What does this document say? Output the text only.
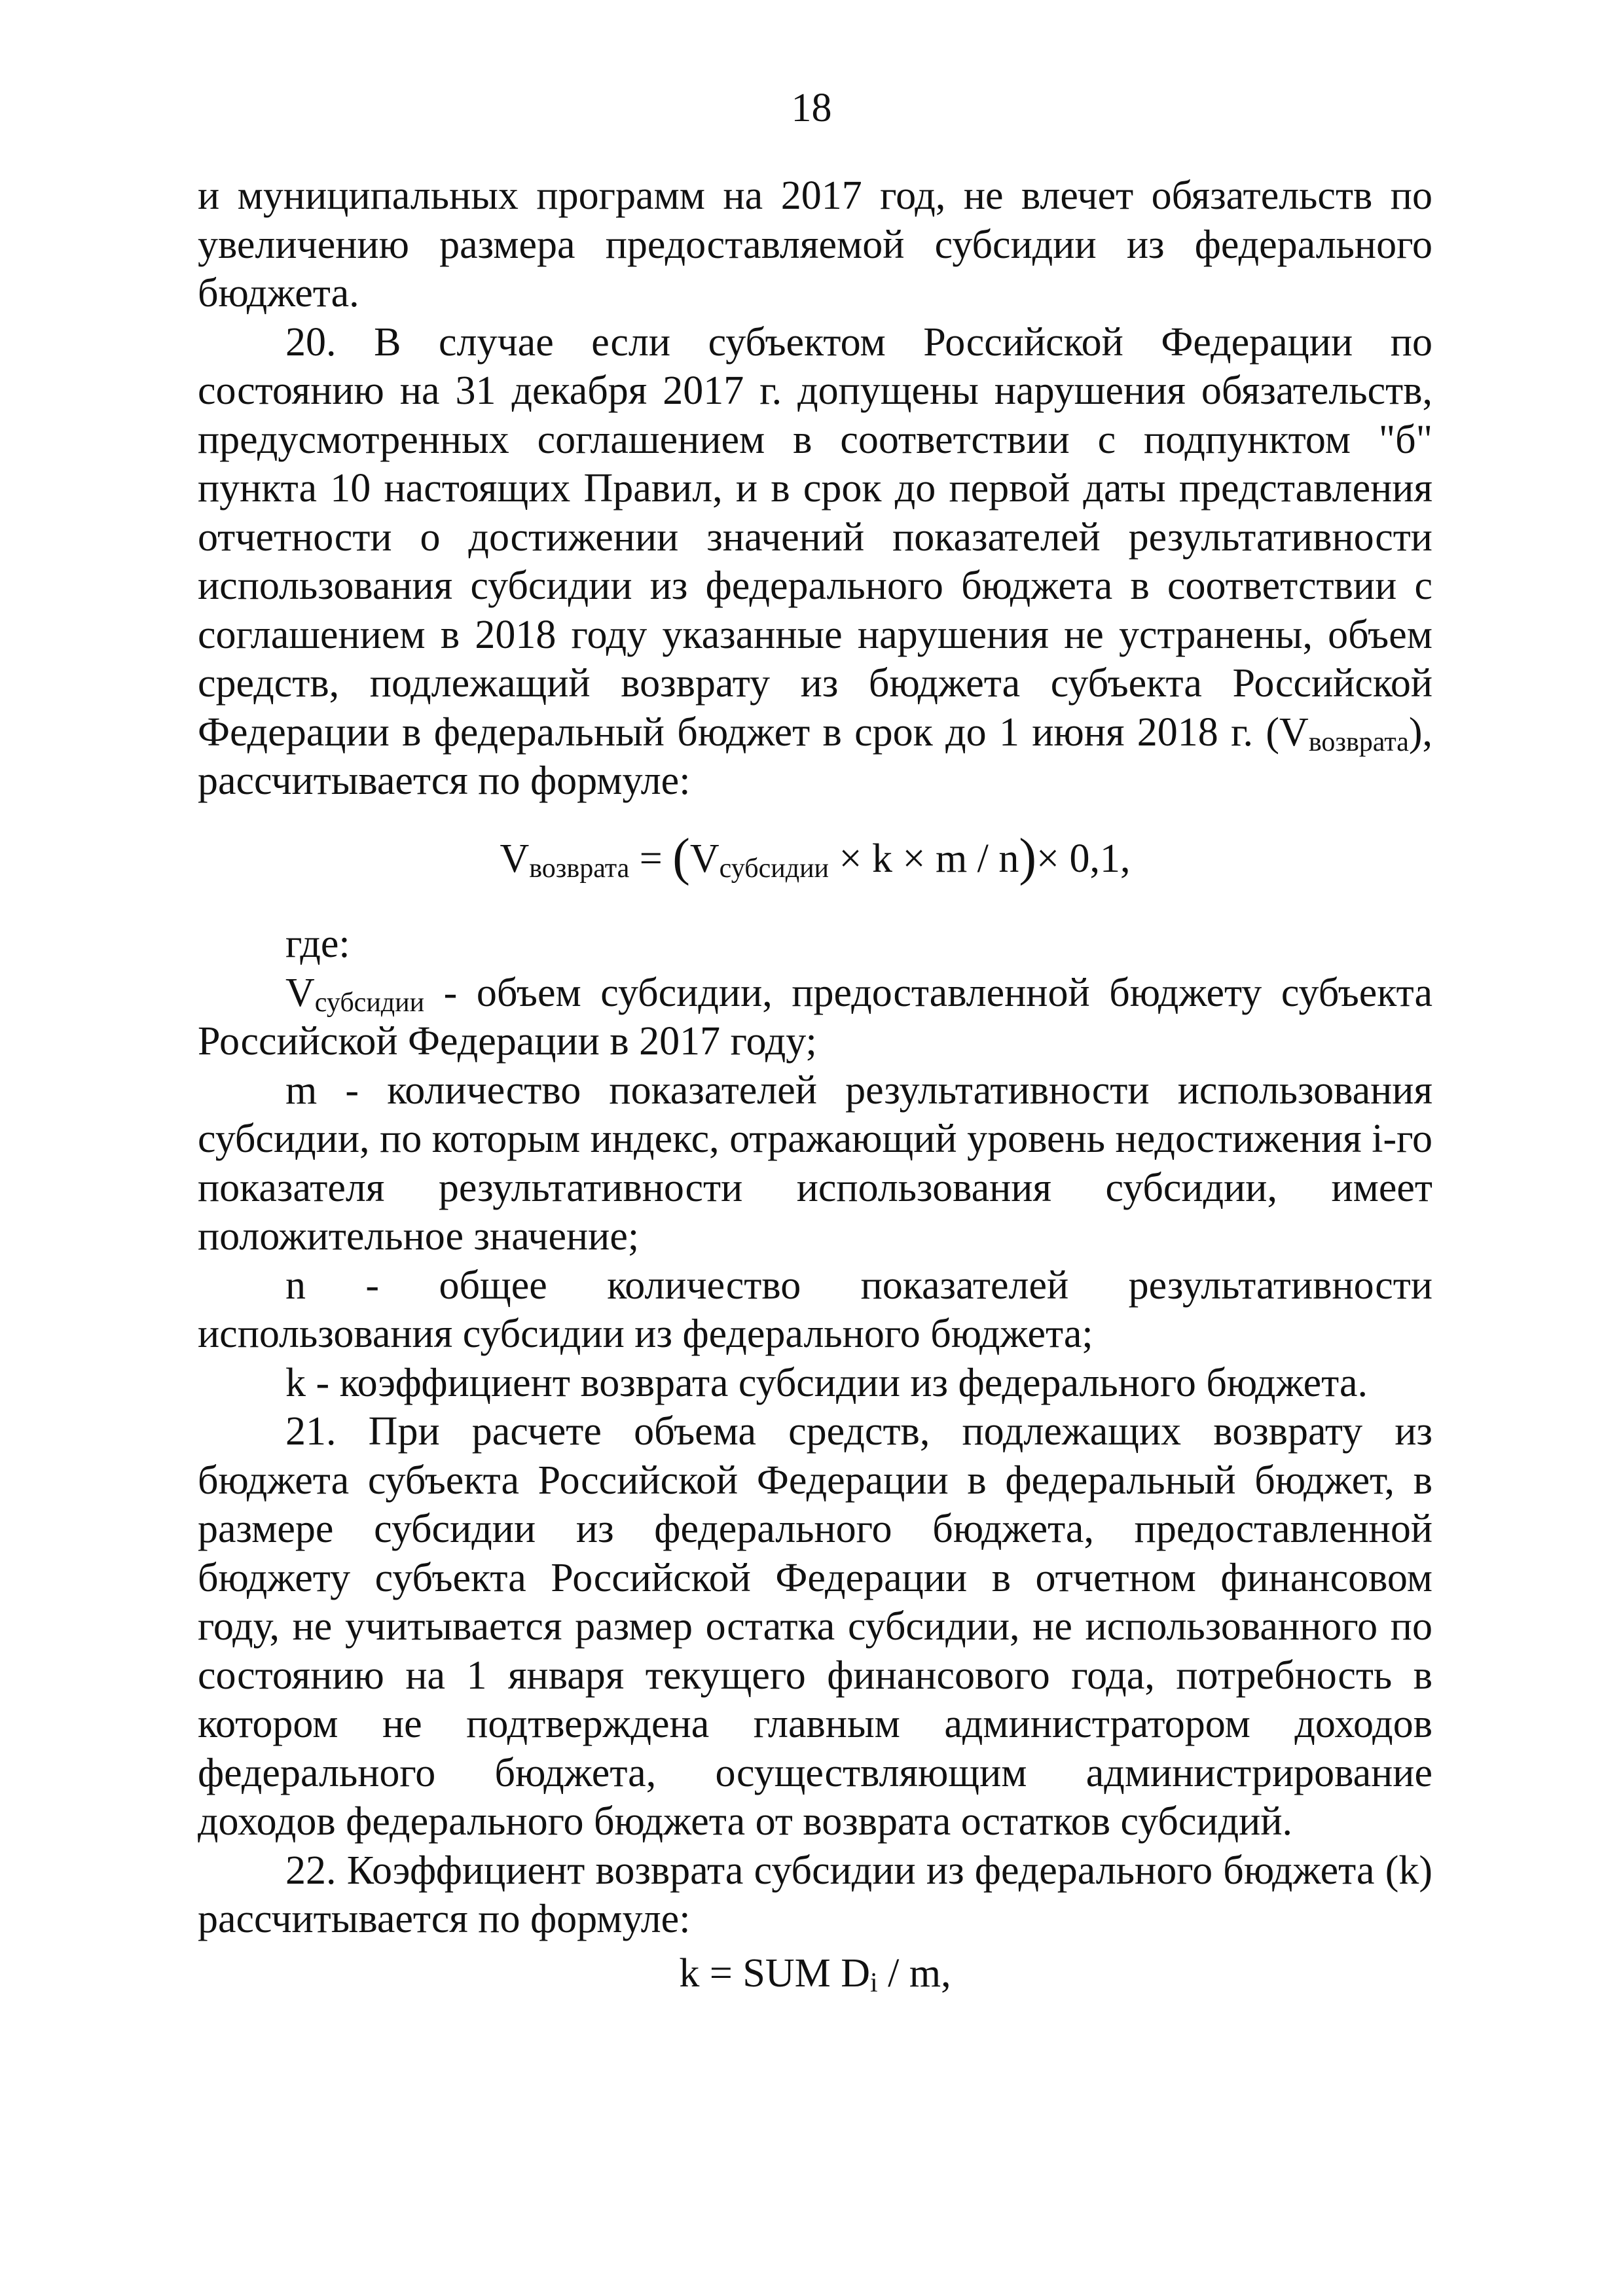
18

и муниципальных программ на 2017 год, не влечет обязательств по увеличению размера предоставляемой субсидии из федерального бюджета.

20. В случае если субъектом Российской Федерации по состоянию на 31 декабря 2017 г. допущены нарушения обязательств, предусмотренных соглашением в соответствии с подпунктом "б" пункта 10 настоящих Правил, и в срок до первой даты представления отчетности о достижении значений показателей результативности использования субсидии из федерального бюджета в соответствии с соглашением в 2018 году указанные нарушения не устранены, объем средств, подлежащий возврату из бюджета субъекта Российской Федерации в федеральный бюджет в срок до 1 июня 2018 г. $(V_{возврата})$, рассчитывается по формуле:

$V_{возврата} = (V_{субсидии} \times k \times m / n)\times 0,1$,

где:

$V_{субсидии}$ - объем субсидии, предоставленной бюджету субъекта Российской Федерации в 2017 году;

m - количество показателей результативности использования субсидии, по которым индекс, отражающий уровень недостижения i-го показателя результативности использования субсидии, имеет положительное значение;

n - общее количество показателей результативности использования субсидии из федерального бюджета;

k - коэффициент возврата субсидии из федерального бюджета.

21. При расчете объема средств, подлежащих возврату из бюджета субъекта Российской Федерации в федеральный бюджет, в размере субсидии из федерального бюджета, предоставленной бюджету субъекта Российской Федерации в отчетном финансовом году, не учитывается размер остатка субсидии, не использованного по состоянию на 1 января текущего финансового года, потребность в котором не подтверждена главным администратором доходов федерального бюджета, осуществляющим администрирование доходов федерального бюджета от возврата остатков субсидий.

22. Коэффициент возврата субсидии из федерального бюджета (k) рассчитывается по формуле:

k = SUM $D_i$ / m,
